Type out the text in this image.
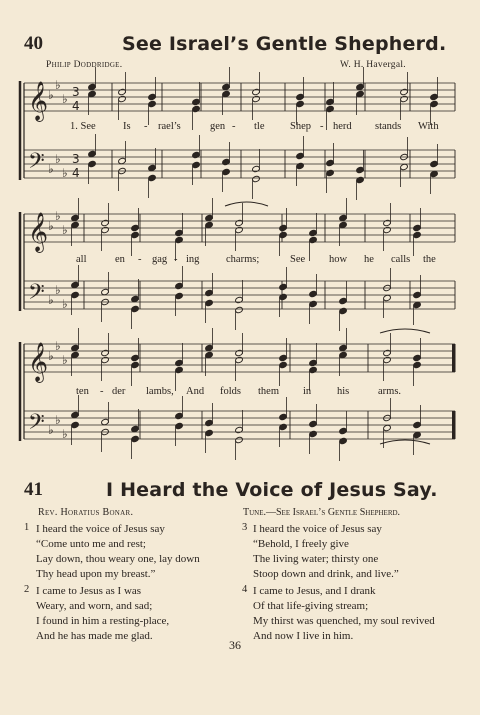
40	See Israel’s Gentle Shepherd.
Philip Doddridge.	W. H. Havergal.
𝄞
𝄢
♭
♭
♭
♭
♭
♭
3
4
3
4
𝄞
𝄢
♭
♭
♭
♭
♭
♭
𝄞
𝄢
♭
♭
♭
♭
♭
♭
1. See	Is - rael’s	gen - tle Shep - herd stands With
all	en - gag - ing	charms;	See how he calls the
ten - der lambs, And folds them in his	arms.
41	I Heard the Voice of Jesus Say.
Rev. Horatius Bonar.	Tune.—See Israel’s Gentle Shepherd.
1 I heard the voice of Jesus say
“Come unto me and rest;
Lay down, thou weary one, lay down
Thy head upon my breast.”
2 I came to Jesus as I was
Weary, and worn, and sad;
I found in him a resting-place,
And he has made me glad.
3 I heard the voice of Jesus say
“Behold, I freely give
The living water; thirsty one
Stoop down and drink, and live.”
4 I came to Jesus, and I drank
Of that life-giving stream;
My thirst was quenched, my soul revived
And now I live in him.
36
